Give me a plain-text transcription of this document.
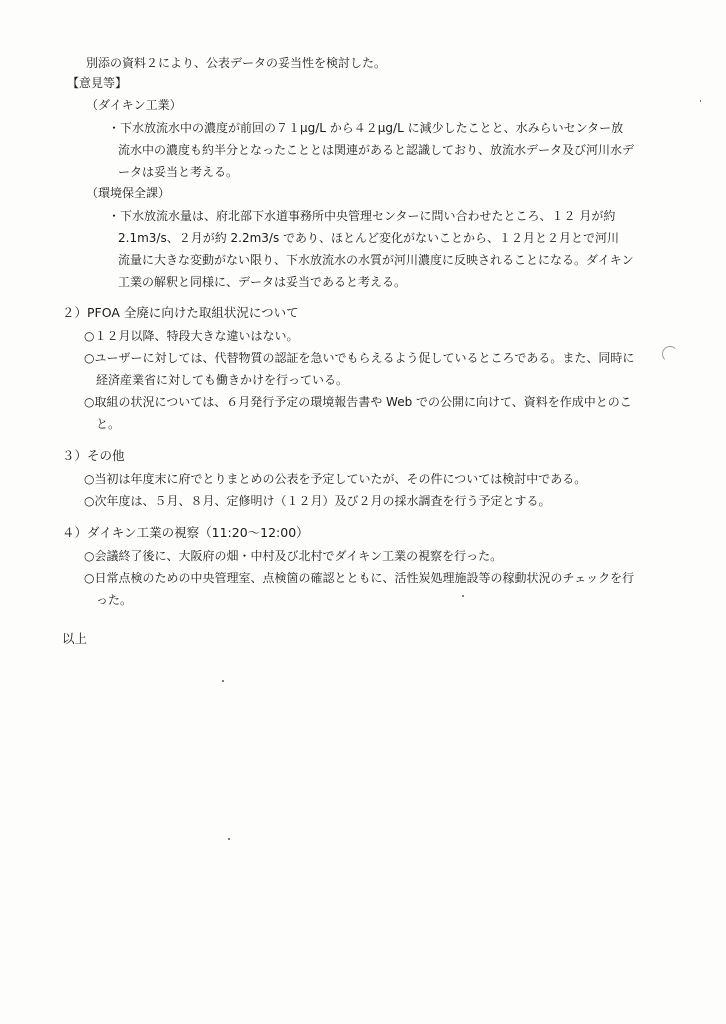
別添の資料２により、公表データの妥当性を検討した。
【意見等】
（ダイキン工業）
・下水放流水中の濃度が前回の７１μg/L から４２μg/L に減少したことと、水みらいセンター放
流水中の濃度も約半分となったこととは関連があると認識しており、放流水データ及び河川水デ
ータは妥当と考える。
（環境保全課）
・下水放流水量は、府北部下水道事務所中央管理センターに問い合わせたところ、１２ 月が約
2.1m3/s、２月が約 2.2m3/s であり、ほとんど変化がないことから、１２月と２月とで河川
流量に大きな変動がない限り、下水放流水の水質が河川濃度に反映されることになる。ダイキン
工業の解釈と同様に、データは妥当であると考える。
２）PFOA 全廃に向けた取組状況について
○１２月以降、特段大きな違いはない。
○ユーザーに対しては、代替物質の認証を急いでもらえるよう促しているところである。また、同時に
経済産業省に対しても働きかけを行っている。
○取組の状況については、６月発行予定の環境報告書や Web での公開に向けて、資料を作成中とのこ
と。
３）その他
○当初は年度末に府でとりまとめの公表を予定していたが、その件については検討中である。
○次年度は、５月、８月、定修明け（１２月）及び２月の採水調査を行う予定とする。
４）ダイキン工業の視察（11:20～12:00）
○会議終了後に、大阪府の畑・中村及び北村でダイキン工業の視察を行った。
○日常点検のための中央管理室、点検箇の確認とともに、活性炭処理施設等の稼動状況のチェックを行
った。
以上
